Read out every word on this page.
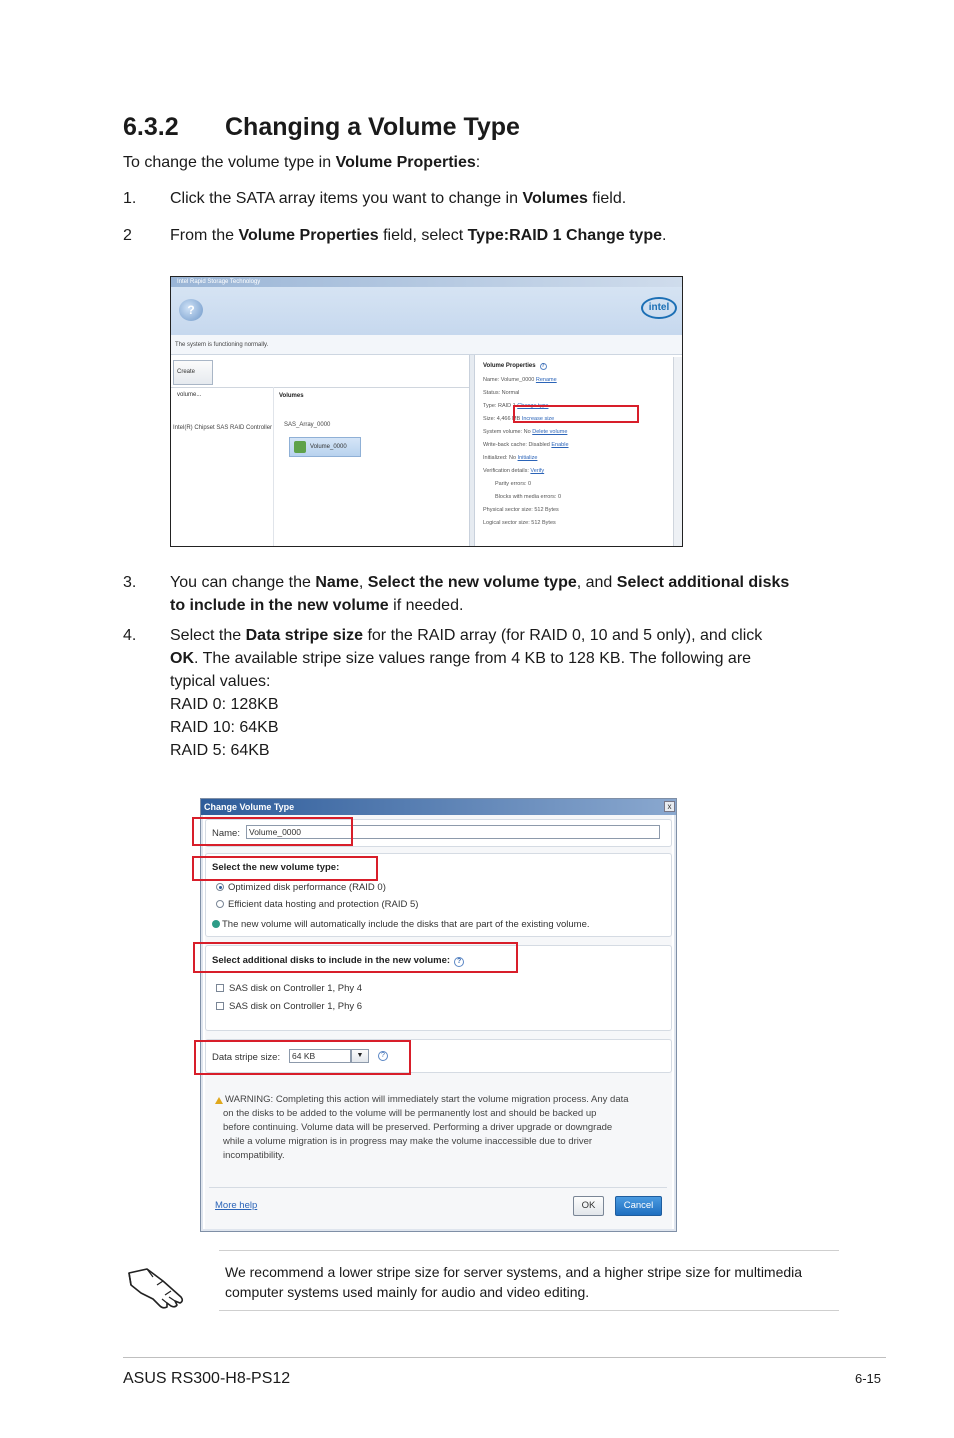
6.3.2 Changing a Volume Type
To change the volume type in Volume Properties:
1. Click the SATA array items you want to change in Volumes field.
2 From the Volume Properties field, select Type:RAID 1 Change type.
Intel Rapid Storage Technology
?	intel
The system is functioning normally.
Create volume...
Intel(R) Chipset SAS RAID Controller
Volumes
SAS_Array_0000
Volume_0000
Volume Properties ?
Name: Volume_0000 Rename
Status: Normal
Type: RAID 1 Change type
Size: 4,466 MB Increase size
System volume: No Delete volume
Write-back cache: Disabled Enable
Initialized: No Initialize
Verification details: Verify
Parity errors: 0
Blocks with media errors: 0
Physical sector size: 512 Bytes
Logical sector size: 512 Bytes
3. You can change the Name, Select the new volume type, and Select additional disks
to include in the new volume if needed.
4. Select the Data stripe size for the RAID array (for RAID 0, 10 and 5 only), and click
OK. The available stripe size values range from 4 KB to 128 KB. The following are
typical values:
RAID 0: 128KB
RAID 10: 64KB
RAID 5: 64KB
Change Volume Type	x
Name:	Volume_0000
Select the new volume type:
Optimized disk performance (RAID 0)
Efficient data hosting and protection (RAID 5)
The new volume will automatically include the disks that are part of the existing volume.
Select additional disks to include in the new volume: ?
SAS disk on Controller 1, Phy 4
SAS disk on Controller 1, Phy 6
Data stripe size:	64 KB	▼	?
WARNING: Completing this action will immediately start the volume migration process. Any data
on the disks to be added to the volume will be permanently lost and should be backed up
before continuing. Volume data will be preserved. Performing a driver upgrade or downgrade
while a volume migration is in progress may make the volume inaccessible due to driver
incompatibility.
More help	OK	Cancel
We recommend a lower stripe size for server systems, and a higher stripe size for multimedia
computer systems used mainly for audio and video editing.
ASUS RS300-H8-PS12	6-15
